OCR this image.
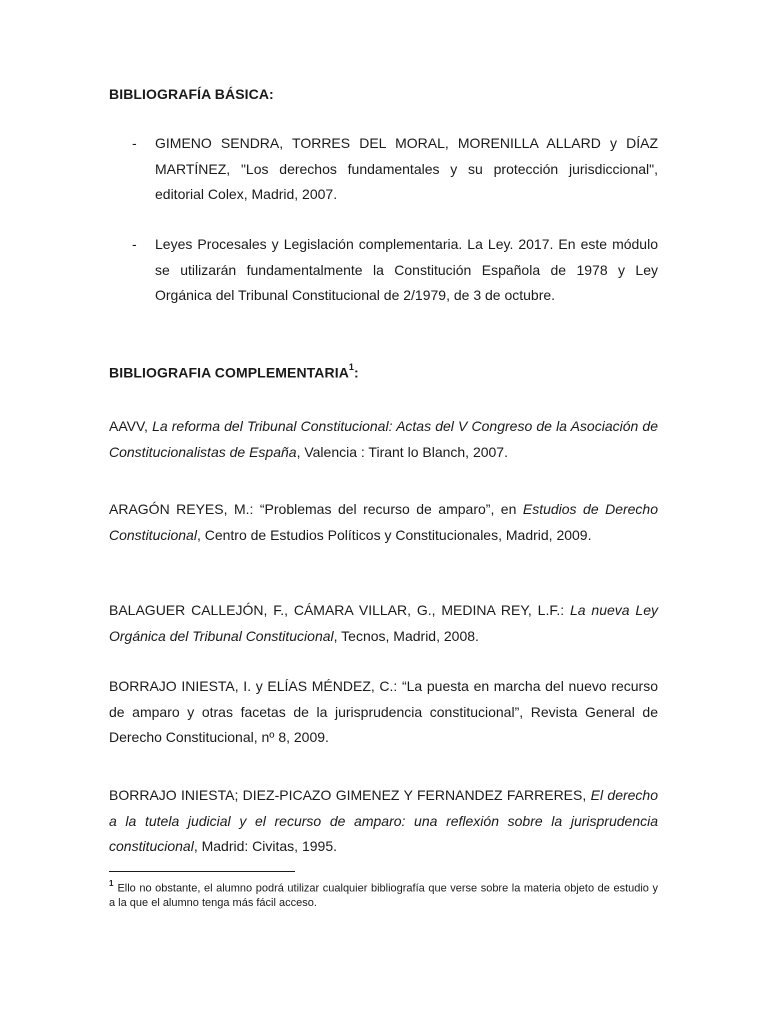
BIBLIOGRAFÍA BÁSICA:
- GIMENO SENDRA, TORRES DEL MORAL, MORENILLA ALLARD y DÍAZ MARTÍNEZ, "Los derechos fundamentales y su protección jurisdiccional", editorial Colex, Madrid, 2007.
- Leyes Procesales y Legislación complementaria. La Ley. 2017. En este módulo se utilizarán fundamentalmente la Constitución Española de 1978 y Ley Orgánica del Tribunal Constitucional de 2/1979, de 3 de octubre.
BIBLIOGRAFIA COMPLEMENTARIA$^1$:
AAVV, La reforma del Tribunal Constitucional: Actas del V Congreso de la Asociación de Constitucionalistas de España, Valencia : Tirant lo Blanch, 2007.
ARAGÓN REYES, M.: “Problemas del recurso de amparo”, en Estudios de Derecho Constitucional, Centro de Estudios Políticos y Constitucionales, Madrid, 2009.
BALAGUER CALLEJÓN, F., CÁMARA VILLAR, G., MEDINA REY, L.F.: La nueva Ley Orgánica del Tribunal Constitucional, Tecnos, Madrid, 2008.
BORRAJO INIESTA, I. y ELÍAS MÉNDEZ, C.: “La puesta en marcha del nuevo recurso de amparo y otras facetas de la jurisprudencia constitucional”, Revista General de Derecho Constitucional, nº 8, 2009.
BORRAJO INIESTA; DIEZ-PICAZO GIMENEZ Y FERNANDEZ FARRERES, El derecho a la tutela judicial y el recurso de amparo: una reflexión sobre la jurisprudencia constitucional, Madrid: Civitas, 1995.
$^1$ Ello no obstante, el alumno podrá utilizar cualquier bibliografía que verse sobre la materia objeto de estudio y a la que el alumno tenga más fácil acceso.
